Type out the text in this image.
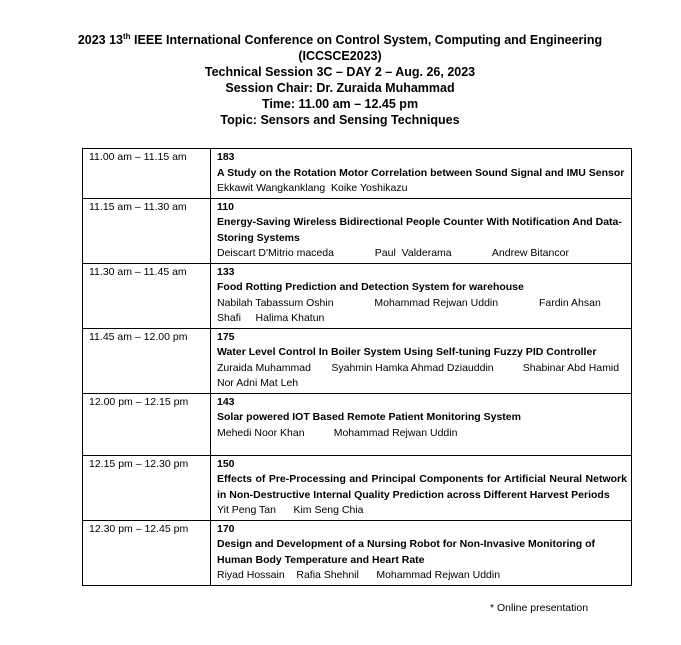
2023 13th IEEE International Conference on Control System, Computing and Engineering
(ICCSCE2023)
Technical Session 3C – DAY 2 – Aug. 26, 2023
Session Chair: Dr. Zuraida Muhammad
Time: 11.00 am – 12.45 pm
Topic: Sensors and Sensing Techniques
11.00 am – 11.15 am	183
A Study on the Rotation Motor Correlation between Sound Signal and IMU Sensor
Ekkawit Wangkanklang  Koike Yoshikazu

11.15 am – 11.30 am	110
Energy-Saving Wireless Bidirectional People Counter With Notification And Data-Storing Systems
Deiscart D'Mitrio maceda              Paul  Valderama              Andrew Bitancor

11.30 am – 11.45 am	133
Food Rotting Prediction and Detection System for warehouse
Nabilah Tabassum Oshin              Mohammad Rejwan Uddin              Fardin Ahsan Shafi     Halima Khatun

11.45 am – 12.00 pm	175
Water Level Control In Boiler System Using Self-tuning Fuzzy PID Controller
Zuraida Muhammad       Syahmin Hamka Ahmad Dziauddin          Shabinar Abd Hamid  Nor Adni Mat Leh

12.00 pm – 12.15 pm	143
Solar powered IOT Based Remote Patient Monitoring System
Mehedi Noor Khan          Mohammad Rejwan Uddin

12.15 pm – 12.30 pm	150
Effects of Pre-Processing and Principal Components for Artificial Neural Network in Non-Destructive Internal Quality Prediction across Different Harvest Periods
Yit Peng Tan      Kim Seng Chia

12.30 pm – 12.45 pm	170
Design and Development of a Nursing Robot for Non-Invasive Monitoring of Human Body Temperature and Heart Rate
Riyad Hossain    Rafia Shehnil      Mohammad Rejwan Uddin
* Online presentation
